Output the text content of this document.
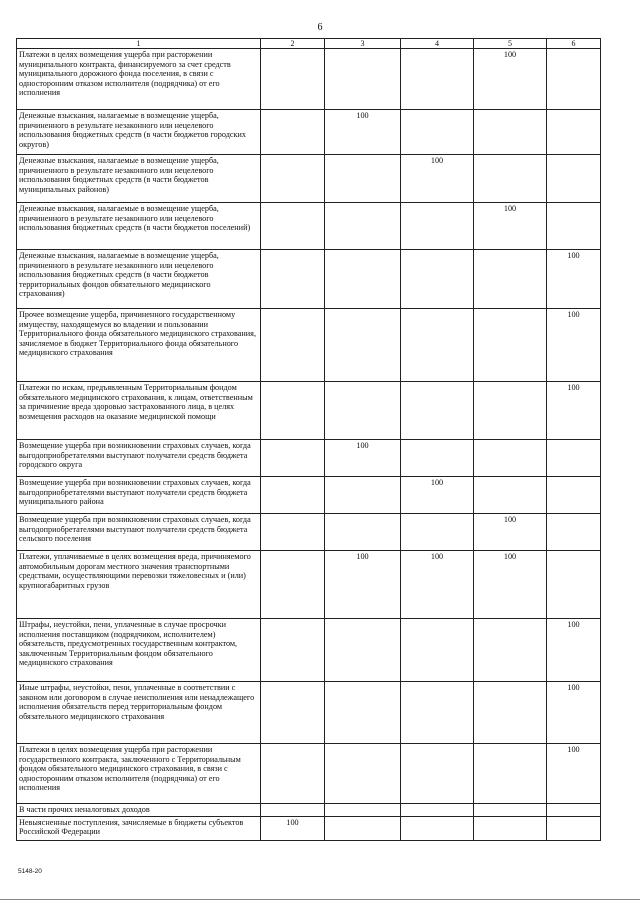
6
1	2	3	4	5	6
Платежи в целях возмещения ущерба при расторжении муниципального контракта, финансируемого за счет средств муниципального дорожного фонда поселения, в связи с односторонним отказом исполнителя (подрядчика) от его исполнения				100	
Денежные взыскания, налагаемые в возмещение ущерба, причиненного в результате незаконного или нецелевого использования бюджетных средств (в части бюджетов городских округов)		100			
Денежные взыскания, налагаемые в возмещение ущерба, причиненного в результате незаконного или нецелевого использования бюджетных средств (в части бюджетов муниципальных районов)			100		
Денежные взыскания, налагаемые в возмещение ущерба, причиненного в результате незаконного или нецелевого использования бюджетных средств (в части бюджетов поселений)				100	
Денежные взыскания, налагаемые в возмещение ущерба, причиненного в результате незаконного или нецелевого использования бюджетных средств (в части бюджетов территориальных фондов обязательного медицинского страхования)					100
Прочее возмещение ущерба, причиненного государственному имуществу, находящемуся во владении и пользовании Территориального фонда обязательного медицинского страхования, зачисляемое в бюджет Территориального фонда обязательного медицинского страхования					100
Платежи по искам, предъявленным Территориальным фондом обязательного медицинского страхования, к лицам, ответственным за причинение вреда здоровью застрахованного лица, в целях возмещения расходов на оказание медицинской помощи					100
Возмещение ущерба при возникновении страховых случаев, когда выгодоприобретателями выступают получатели средств бюджета городского округа		100			
Возмещение ущерба при возникновении страховых случаев, когда выгодоприобретателями выступают получатели средств бюджета муниципального района			100		
Возмещение ущерба при возникновении страховых случаев, когда выгодоприобретателями выступают получатели средств бюджета сельского поселения				100	
Платежи, уплачиваемые в целях возмещения вреда, причиняемого автомобильным дорогам местного значения транспортными средствами, осуществляющими перевозки тяжеловесных и (или) крупногабаритных грузов		100	100	100	
Штрафы, неустойки, пени, уплаченные в случае просрочки исполнения поставщиком (подрядчиком, исполнителем) обязательств, предусмотренных государственным контрактом, заключенным Территориальным фондом обязательного медицинского страхования					100
Иные штрафы, неустойки, пени, уплаченные в соответствии с законом или договором в случае неисполнения или ненадлежащего исполнения обязательств перед территориальным фондом обязательного медицинского страхования					100
Платежи в целях возмещения ущерба при расторжении государственного контракта, заключенного с Территориальным фондом обязательного медицинского страхования, в связи с односторонним отказом исполнителя (подрядчика) от его исполнения					100
В части прочих неналоговых доходов					
Невыясненные поступления, зачисляемые в бюджеты субъектов Российской Федерации	100				
5148-20
